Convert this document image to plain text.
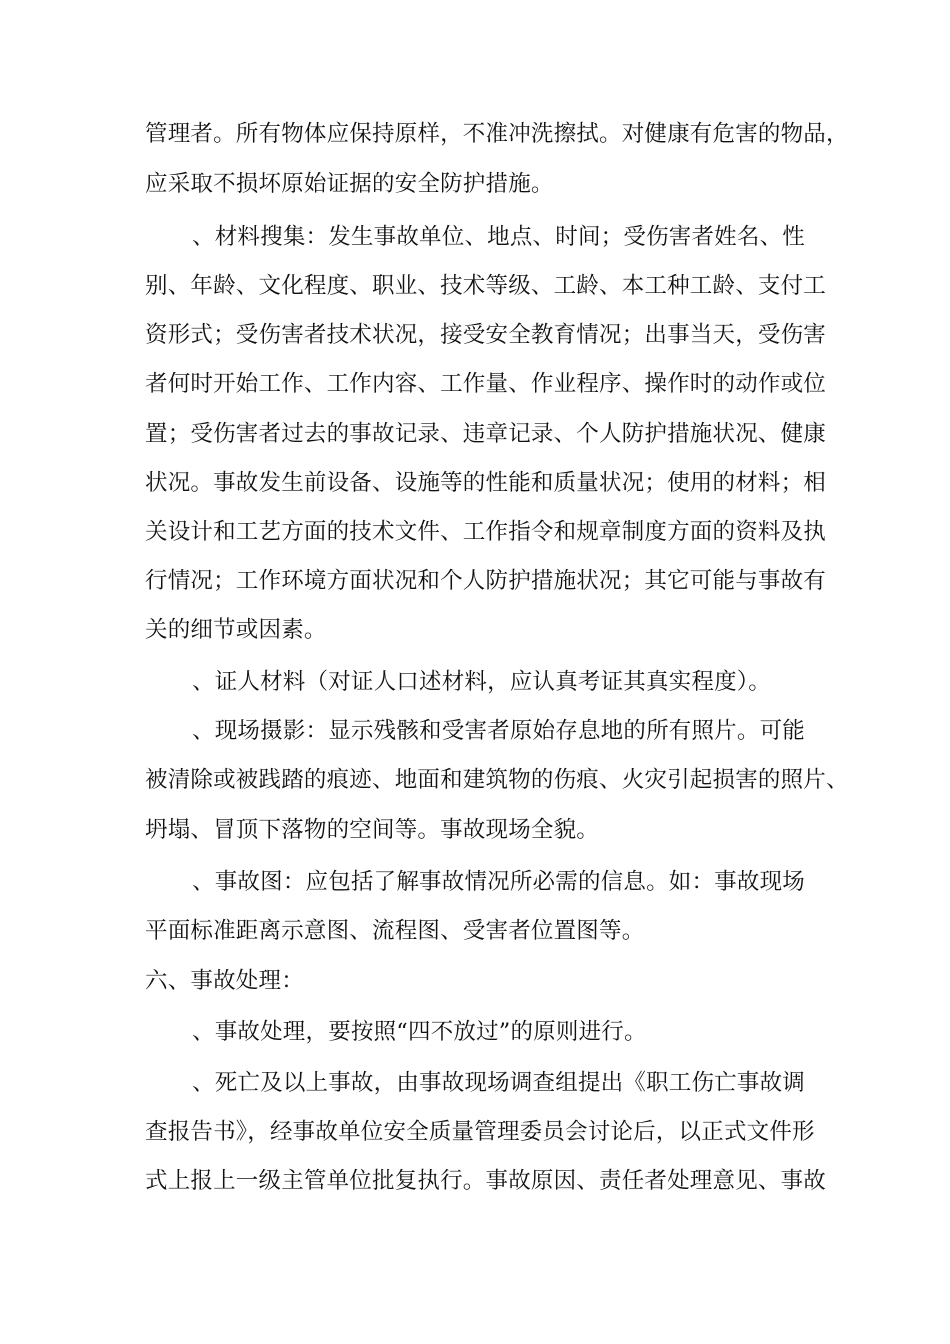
管理者。所有物体应保持原样，不准冲洗擦拭。对健康有危害的物品，
应采取不损坏原始证据的安全防护措施。
、材料搜集：发生事故单位、地点、时间；受伤害者姓名、性
别、年龄、文化程度、职业、技术等级、工龄、本工种工龄、支付工
资形式；受伤害者技术状况，接受安全教育情况；出事当天，受伤害
者何时开始工作、工作内容、工作量、作业程序、操作时的动作或位
置；受伤害者过去的事故记录、违章记录、个人防护措施状况、健康
状况。事故发生前设备、设施等的性能和质量状况；使用的材料；相
关设计和工艺方面的技术文件、工作指令和规章制度方面的资料及执
行情况；工作环境方面状况和个人防护措施状况；其它可能与事故有
关的细节或因素。
、证人材料（对证人口述材料，应认真考证其真实程度）。
、现场摄影：显示残骸和受害者原始存息地的所有照片。可能
被清除或被践踏的痕迹、地面和建筑物的伤痕、火灾引起损害的照片、
坍塌、冒顶下落物的空间等。事故现场全貌。
、事故图：应包括了解事故情况所必需的信息。如：事故现场
平面标准距离示意图、流程图、受害者位置图等。
六、事故处理：
、事故处理，要按照“四不放过”的原则进行。
、死亡及以上事故，由事故现场调查组提出《职工伤亡事故调
查报告书》，经事故单位安全质量管理委员会讨论后，以正式文件形
式上报上一级主管单位批复执行。事故原因、责任者处理意见、事故
